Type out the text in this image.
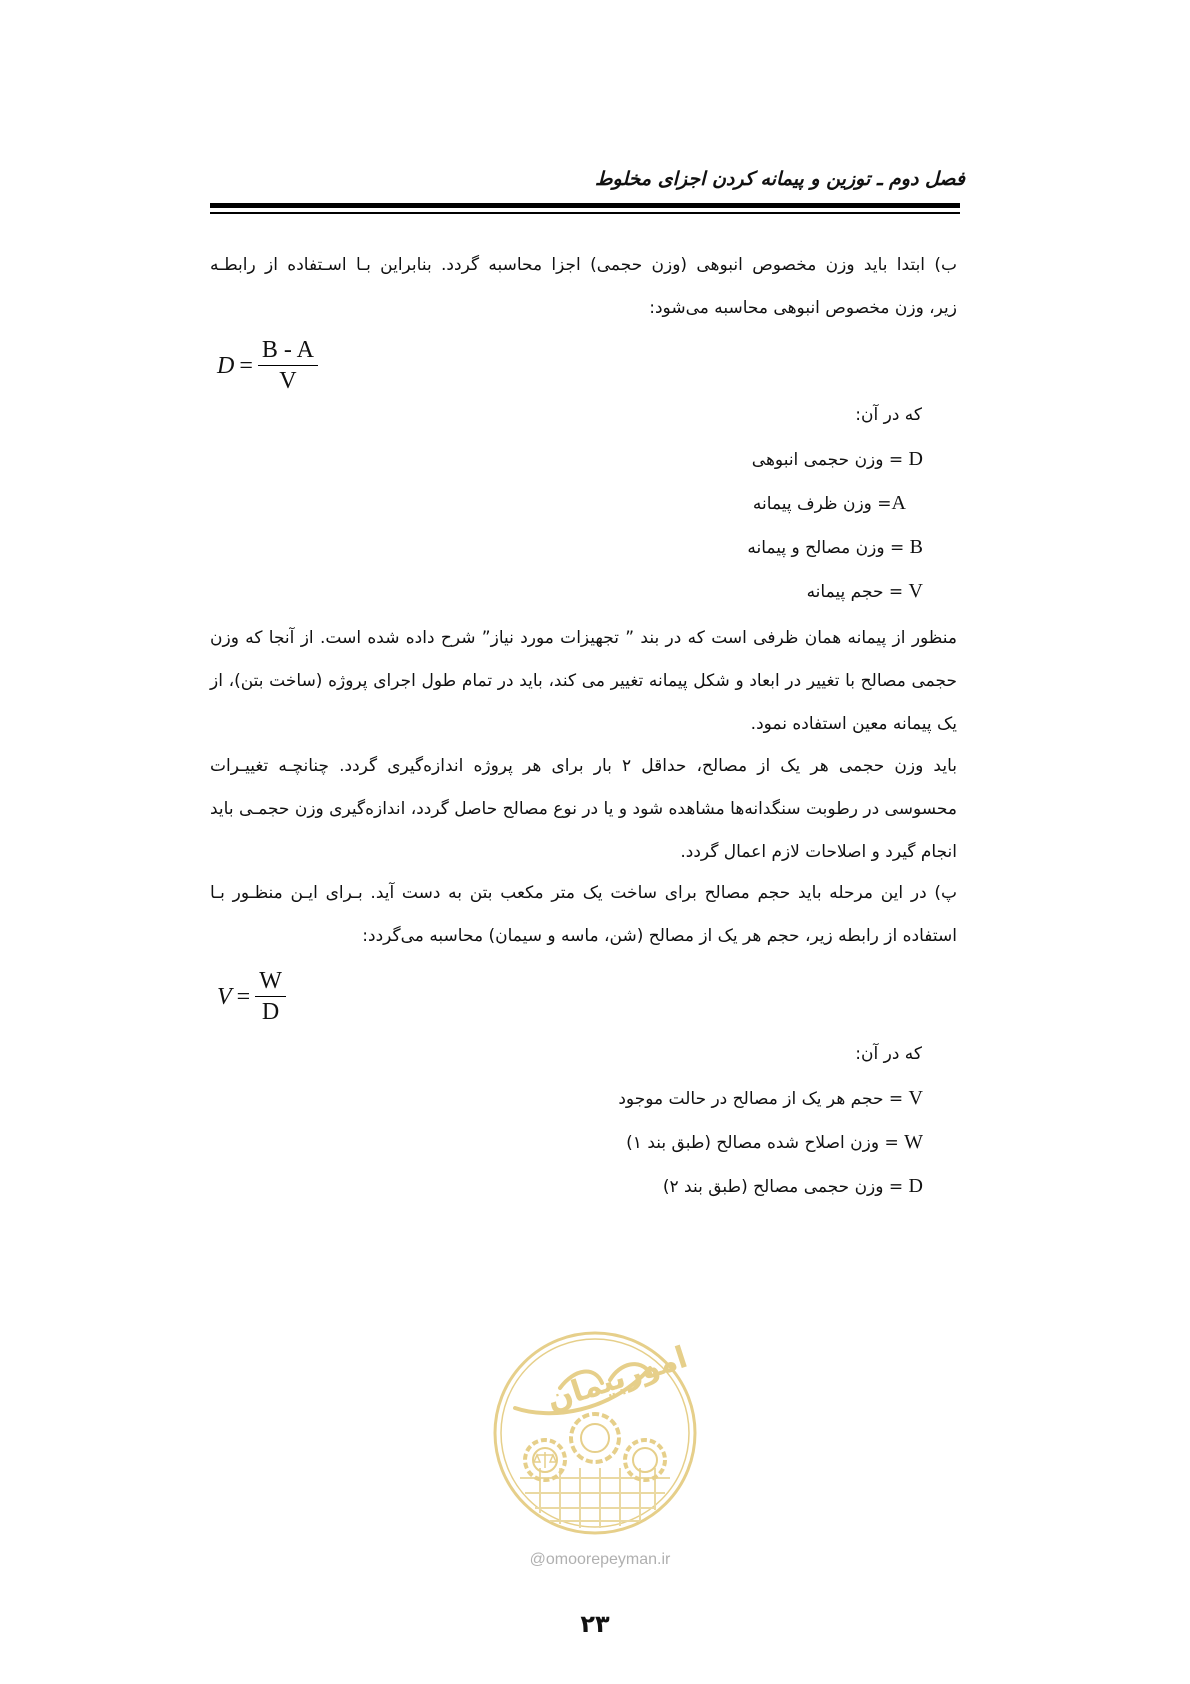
فصل دوم ـ توزین و پیمانه کردن اجزای مخلوط
ب) ابتدا باید وزن مخصوص انبوهی (وزن حجمی) اجزا محاسبه گردد. بنابراین بـا اسـتفاده از رابطـه
زیر، وزن مخصوص انبوهی محاسبه می‌شود:
$D = \frac{B - A}{V}$
که در آن:
D = وزن حجمی انبوهی
A= وزن ظرف پیمانه
B = وزن مصالح و پیمانه
V = حجم پیمانه
منظور از پیمانه همان ظرفی است که در بند ” تجهیزات مورد نیاز” شرح داده شده است. از آنجا که وزن حجمی مصالح با تغییر در ابعاد و شکل پیمانه تغییر می کند، باید در تمام طول اجرای پروژه (ساخت بتن)، از یک پیمانه معین استفاده نمود.
باید وزن حجمی هر یک از مصالح، حداقل ۲ بار برای هر پروژه اندازه‌گیری گردد. چنانچـه تغییـرات محسوسی در رطوبت سنگدانه‌ها مشاهده شود و یا در نوع مصالح حاصل گردد، اندازه‌گیری وزن حجمـی باید انجام گیرد و اصلاحات لازم اعمال گردد.
پ) در این مرحله باید حجم مصالح برای ساخت یک متر مکعب بتن به دست آید. بـرای ایـن منظـور بـا
استفاده از رابطه زیر، حجم هر یک از مصالح (شن، ماسه و سیمان) محاسبه می‌گردد:
$V = \frac{W}{D}$
که در آن:
V = حجم هر یک از مصالح در حالت موجود
W = وزن اصلاح شده مصالح (طبق بند ۱)
D = وزن حجمی مصالح (طبق بند ۲)
امورپیمان
@omoorepeyman.ir
۲۳
